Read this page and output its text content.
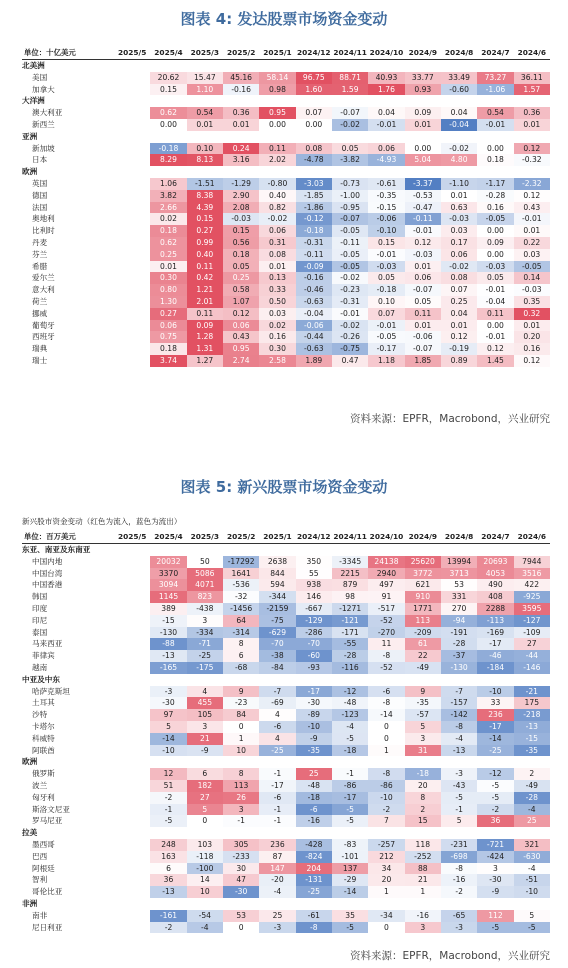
图表 4: 发达股票市场资金变动
单位：十亿美元	2025/5	2025/4	2025/3	2025/2	2025/1	2024/12	2024/11	2024/10	2024/9	2024/8	2024/7	2024/6
北美洲												
美国		20.62	15.47	45.16	58.14	96.75	88.71	40.93	33.77	33.49	73.27	36.11
加拿大		0.15	1.10	-0.16	0.98	1.60	1.59	1.76	0.93	-0.60	-1.06	1.57
大洋洲												
澳大利亚		0.62	0.54	0.36	0.95	0.07	-0.07	0.04	0.09	0.04	0.54	0.36
新西兰		0.00	0.01	0.01	0.00	0.00	-0.02	-0.01	0.01	-0.04	-0.01	0.01
亚洲												
新加坡		-0.18	0.10	0.24	0.11	0.08	0.05	0.06	0.00	-0.02	0.00	0.12
日本		8.29	8.13	3.16	2.02	-4.78	-3.82	-4.93	5.04	4.80	0.18	-0.32
欧洲												
英国		1.06	-1.51	-1.29	-0.80	-3.03	-0.73	-0.61	-3.37	-1.10	-1.17	-2.32
德国		3.82	8.38	2.90	0.40	-1.85	-1.00	-0.35	-0.53	0.01	-0.28	0.12
法国		2.66	4.39	2.08	0.82	-1.86	-0.95	-0.15	-0.47	0.63	0.16	0.43
奥地利		0.02	0.15	-0.03	-0.02	-0.12	-0.07	-0.06	-0.11	-0.03	-0.05	-0.01
比利时		0.18	0.27	0.15	0.06	-0.18	-0.05	-0.10	-0.01	0.03	0.00	0.01
丹麦		0.62	0.99	0.56	0.31	-0.31	-0.11	0.15	0.12	0.17	0.09	0.22
芬兰		0.25	0.40	0.18	0.08	-0.11	-0.05	-0.01	-0.03	0.06	0.00	0.03
希腊		0.01	0.11	0.05	0.01	-0.09	-0.05	-0.03	0.01	-0.02	-0.03	-0.05
爱尔兰		0.30	0.42	0.25	0.13	-0.16	-0.02	0.05	0.06	0.08	0.05	0.14
意大利		0.80	1.21	0.58	0.33	-0.46	-0.23	-0.18	-0.07	0.07	-0.01	-0.03
荷兰		1.30	2.01	1.07	0.50	-0.63	-0.31	0.10	0.05	0.25	-0.04	0.35
挪威		0.27	0.11	0.12	0.03	-0.04	-0.01	0.07	0.11	0.04	0.11	0.32
葡萄牙		0.06	0.09	0.06	0.02	-0.06	-0.02	-0.01	0.01	0.01	0.00	0.01
西班牙		0.75	1.28	0.43	0.16	-0.44	-0.26	-0.05	-0.06	0.12	-0.01	0.20
瑞典		0.18	1.31	0.95	0.30	-0.63	-0.75	-0.17	-0.07	-0.19	0.12	0.16
瑞士		3.74	1.27	2.74	2.58	1.89	0.47	1.18	1.85	0.89	1.45	0.12
资料来源：EPFR，Macrobond，兴业研究
图表 5: 新兴股票市场资金变动
新兴股市资金变动（红色为流入，蓝色为流出）
单位：百万美元	2025/5	2025/4	2025/3	2025/2	2025/1	2024/12	2024/11	2024/10	2024/9	2024/8	2024/7	2024/6
东亚、南亚及东南亚												
中国内地		20032	50	-17292	2638	350	-3345	24138	25620	13994	20693	7944
中国台湾		3370	5086	1641	844	55	2215	2940	3772	3713	4053	3516
中国香港		3094	4071	-536	594	938	879	497	621	53	490	422
韩国		1145	823	-32	-344	146	98	91	910	331	408	-925
印度		389	-438	-1456	-2159	-667	-1271	-517	1771	270	2288	3595
印尼		-15	3	64	-75	-129	-121	-52	113	-94	-113	-127
泰国		-130	-334	-314	-629	-286	-171	-270	-209	-191	-169	-109
马来西亚		-88	-71	8	-70	-70	-55	11	61	-28	-17	27
菲律宾		-13	-25	6	-38	-60	-28	-8	22	-37	-46	-44
越南		-165	-175	-68	-84	-93	-116	-52	-49	-130	-184	-146
中亚及中东												
哈萨克斯坦		-3	4	9	-7	-17	-12	-6	9	-7	-10	-21
土耳其		-30	455	-23	-69	-30	-48	-8	-35	-157	33	175
沙特		97	105	84	4	-89	-123	-14	-57	-142	236	-218
卡塔尔		5	3	0	-6	-10	-4	0	5	-8	-17	-13
科威特		-14	21	1	4	-9	-5	0	3	-4	-14	-15
阿联酋		-10	-9	10	-25	-35	-18	1	31	-13	-25	-35
欧洲												
俄罗斯		12	6	8	-1	25	-1	-8	-18	-3	-12	2
波兰		51	182	113	-17	-48	-86	-86	20	-43	-5	-49
匈牙利		-2	27	26	-6	-18	-17	-10	8	-5	-5	-28
斯洛文尼亚		-1	5	3	-1	-6	-5	-2	2	-1	-2	-4
罗马尼亚		-5	0	-1	-1	-16	-5	7	15	5	36	25
拉美												
墨西哥		248	103	305	236	-428	-83	-257	118	-231	-721	321
巴西		163	-118	-233	87	-824	-101	212	-252	-698	-424	-630
阿根廷		6	-100	30	147	204	137	34	88	-8	3	-4
智利		36	14	47	-20	-131	-29	20	21	-16	-30	-51
哥伦比亚		-13	10	-30	-4	-25	-14	1	1	-2	-9	-10
非洲												
南非		-161	-54	53	25	-61	35	-34	-16	-65	112	5
尼日利亚		-2	-4	0	-3	-8	-5	0	3	-3	-5	-5
资料来源：EPFR，Macrobond，兴业研究
